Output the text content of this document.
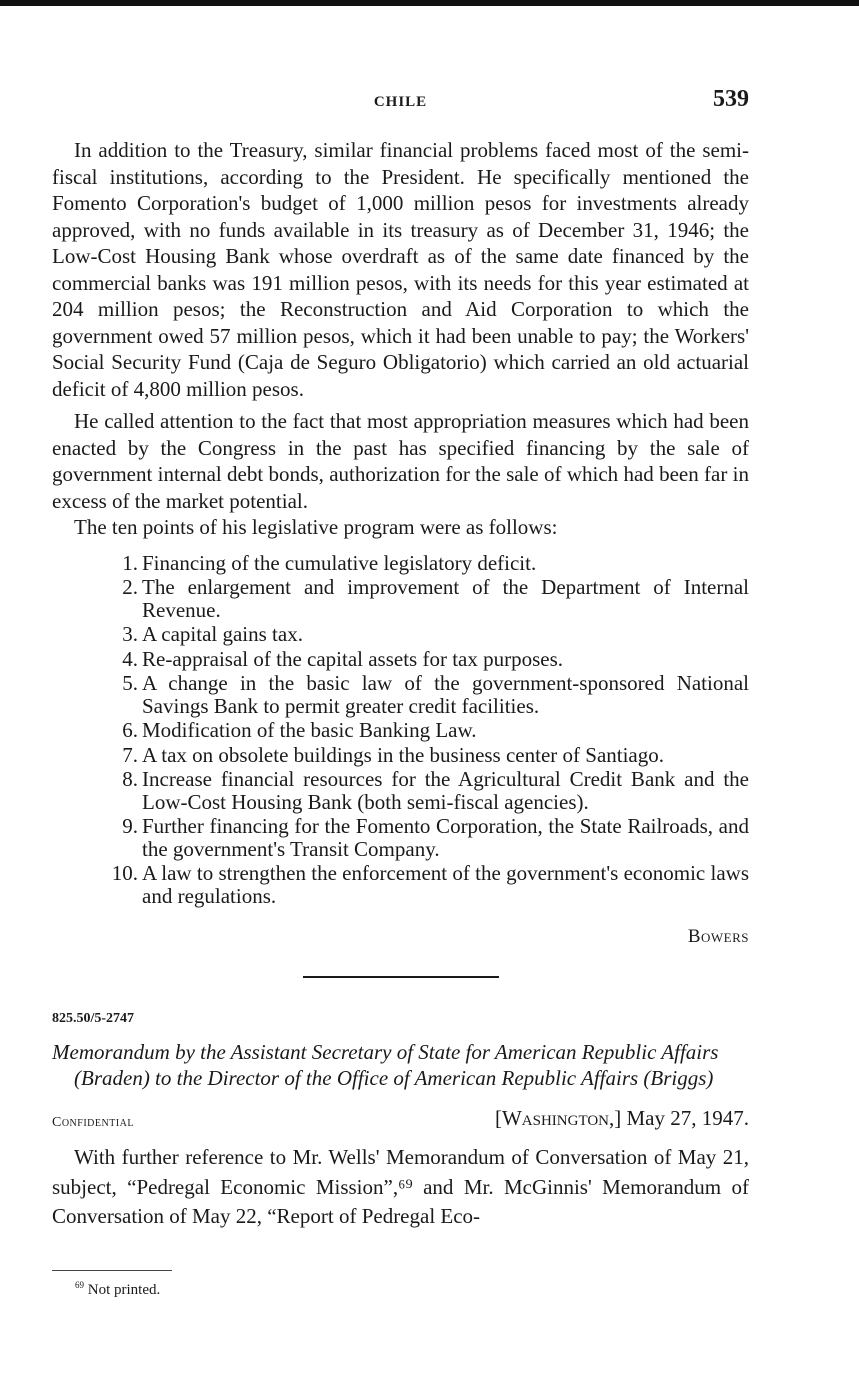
CHILE	539

In addition to the Treasury, similar financial problems faced most of the semi-fiscal institutions, according to the President. He specifically mentioned the Fomento Corporation's budget of 1,000 million pesos for investments already approved, with no funds available in its treasury as of December 31, 1946; the Low-Cost Housing Bank whose overdraft as of the same date financed by the commercial banks was 191 million pesos, with its needs for this year estimated at 204 million pesos; the Reconstruction and Aid Corporation to which the government owed 57 million pesos, which it had been unable to pay; the Workers' Social Security Fund (Caja de Seguro Obligatorio) which carried an old actuarial deficit of 4,800 million pesos.

He called attention to the fact that most appropriation measures which had been enacted by the Congress in the past has specified financing by the sale of government internal debt bonds, authorization for the sale of which had been far in excess of the market potential.

The ten points of his legislative program were as follows:

1. Financing of the cumulative legislatory deficit.
2. The enlargement and improvement of the Department of Internal Revenue.
3. A capital gains tax.
4. Re-appraisal of the capital assets for tax purposes.
5. A change in the basic law of the government-sponsored National Savings Bank to permit greater credit facilities.
6. Modification of the basic Banking Law.
7. A tax on obsolete buildings in the business center of Santiago.
8. Increase financial resources for the Agricultural Credit Bank and the Low-Cost Housing Bank (both semi-fiscal agencies).
9. Further financing for the Fomento Corporation, the State Railroads, and the government's Transit Company.
10. A law to strengthen the enforcement of the government's economic laws and regulations.
Bowers
825.50/5-2747
Memorandum by the Assistant Secretary of State for American Republic Affairs (Braden) to the Director of the Office of American Republic Affairs (Briggs)
Confidential	[Washington,] May 27, 1947.

With further reference to Mr. Wells' Memorandum of Conversation of May 21, subject, “Pedregal Economic Mission”,⁶⁹ and Mr. McGinnis' Memorandum of Conversation of May 22, “Report of Pedregal Eco-

$^{69}$ Not printed.
